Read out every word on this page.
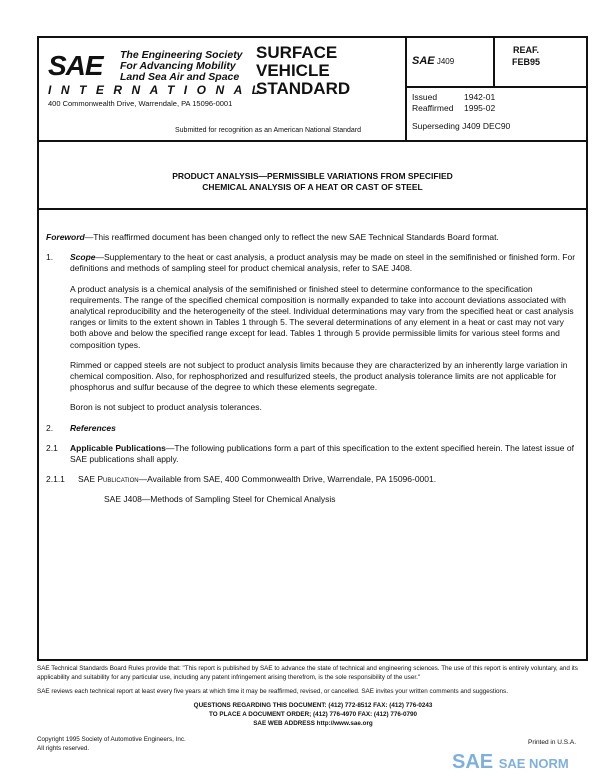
SAE The Engineering Society
For Advancing Mobility
Land Sea Air and Space
INTERNATIONAL
400 Commonwealth Drive, Warrendale, PA 15096-0001
SURFACE
VEHICLE
STANDARD
Submitted for recognition as an American National Standard
SAE J409
REAF.
FEB95
Issued	1942-01
Reaffirmed 1995-02
Superseding J409 DEC90
PRODUCT ANALYSIS—PERMISSIBLE VARIATIONS FROM SPECIFIED
CHEMICAL ANALYSIS OF A HEAT OR CAST OF STEEL

Foreword—This reaffirmed document has been changed only to reflect the new SAE Technical Standards Board format.

1. Scope—Supplementary to the heat or cast analysis, a product analysis may be made on steel in the semifinished or finished form. For definitions and methods of sampling steel for product chemical analysis, refer to SAE J408.

A product analysis is a chemical analysis of the semifinished or finished steel to determine conformance to the specification requirements. The range of the specified chemical composition is normally expanded to take into account deviations associated with analytical reproducibility and the heterogeneity of the steel. Individual determinations may vary from the specified heat or cast analysis ranges or limits to the extent shown in Tables 1 through 5. The several determinations of any element in a heat or cast may not vary both above and below the specified range except for lead. Tables 1 through 5 provide permissible limits for various steel forms and composition types.

Rimmed or capped steels are not subject to product analysis limits because they are characterized by an inherently large variation in chemical composition. Also, for rephosphorized and resulfurized steels, the product analysis tolerance limits are not applicable for phosphorus and sulfur because of the degree to which these elements segregate.

Boron is not subject to product analysis tolerances.

2. References

2.1 Applicable Publications—The following publications form a part of this specification to the extent specified herein. The latest issue of SAE publications shall apply.

2.1.1 SAE Publication—Available from SAE, 400 Commonwealth Drive, Warrendale, PA 15096-0001.

SAE J408—Methods of Sampling Steel for Chemical Analysis

SAE Technical Standards Board Rules provide that: "This report is published by SAE to advance the state of technical and engineering sciences. The use of this report is entirely voluntary, and its applicability and suitability for any particular use, including any patent infringement arising therefrom, is the sole responsibility of the user."

SAE reviews each technical report at least every five years at which time it may be reaffirmed, revised, or cancelled. SAE invites your written comments and suggestions.

QUESTIONS REGARDING THIS DOCUMENT: (412) 772-8512 FAX: (412) 776-0243
TO PLACE A DOCUMENT ORDER; (412) 776-4970 FAX: (412) 776-0790
SAE WEB ADDRESS http://www.sae.org
Copyright 1995 Society of Automotive Engineers, Inc.
All rights reserved.
Printed in U.S.A.
SAE SAE NORM
